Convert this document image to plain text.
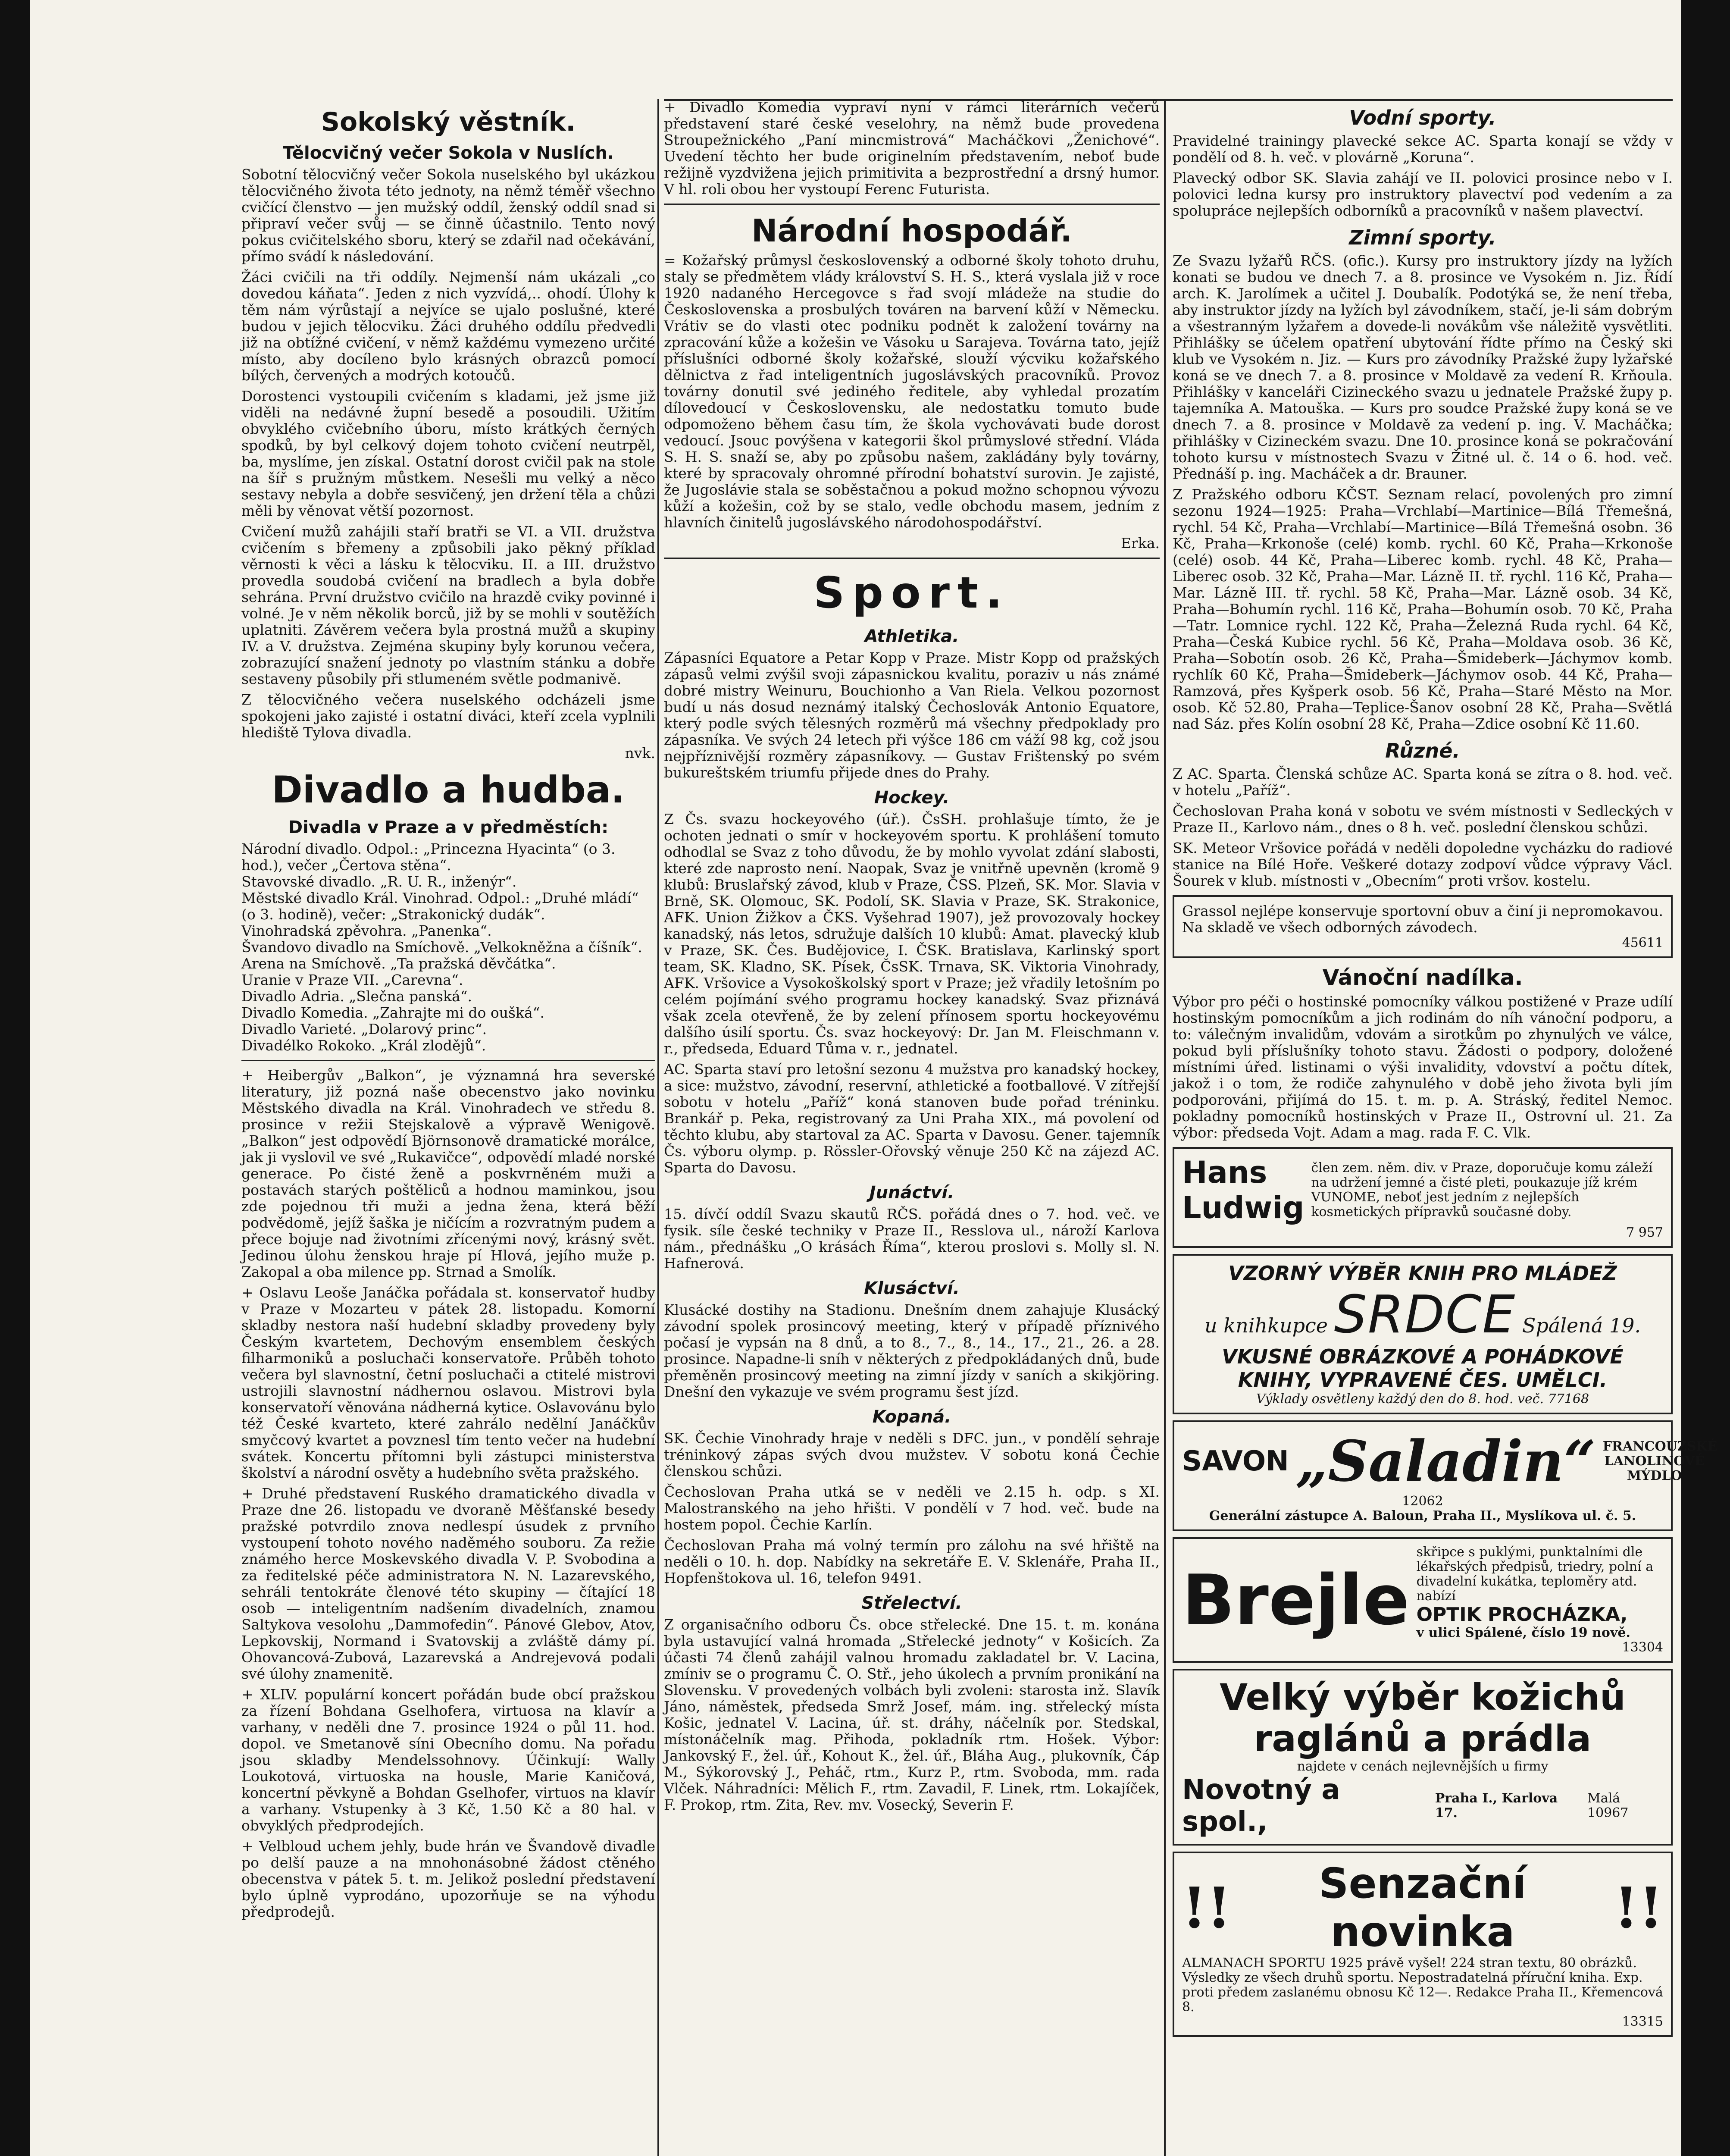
Sokolský věstník.
Tělocvičný večer Sokola v Nuslích.

Sobotní tělocvičný večer Sokola nuselského byl ukázkou tělocvičného života této jednoty, na němž téměř všechno cvičící členstvo — jen mužský oddíl, ženský oddíl snad si připraví večer svůj — se činně účastnilo. Tento nový pokus cvičitelského sboru, který se zdařil nad očekávání, přímo svádí k následování.

Žáci cvičili na tři oddíly. Nejmenší nám ukázali „co dovedou káňata“. Jeden z nich vyzvídá,.. ohodí. Úlohy k těm nám výrůstají a nejvíce se ujalo poslušné, které budou v jejich tělocviku. Žáci druhého oddílu předvedli již na obtížné cvičení, v němž každému vymezeno určité místo, aby docíleno bylo krásných obrazců pomocí bílých, červených a modrých kotoučů.

Dorostenci vystoupili cvičením s kladami, jež jsme již viděli na nedávné župní besedě a posoudili. Užitím obvyklého cvičebního úboru, místo krátkých černých spodků, by byl celkový dojem tohoto cvičení neutrpěl, ba, myslíme, jen získal. Ostatní dorost cvičil pak na stole na šíř s pružným můstkem. Nesešli mu velký a něco sestavy nebyla a dobře sesvičený, jen držení těla a chůzi měli by věnovat větší pozornost.

Cvičení mužů zahájili staří bratři se VI. a VII. družstva cvičením s břemeny a způsobili jako pěkný příklad věrnosti k věci a lásku k tělocviku. II. a III. družstvo provedla soudobá cvičení na bradlech a byla dobře sehrána. První družstvo cvičilo na hrazdě cviky povinné i volné. Je v něm několik borců, již by se mohli v soutěžích uplatniti. Závěrem večera byla prostná mužů a skupiny IV. a V. družstva. Zejména skupiny byly korunou večera, zobrazující snažení jednoty po vlastním stánku a dobře sestaveny působily při stlumeném světle podmanivě.

Z tělocvičného večera nuselského odcházeli jsme spokojeni jako zajisté i ostatní diváci, kteří zcela vyplnili hlediště Tylova divadla.

nvk.

Divadlo a hudba.
Divadla v Praze a v předměstích:
Národní divadlo. Odpol.: „Princezna Hyacinta“ (o 3. hod.), večer „Čertova stěna“.
Stavovské divadlo. „R. U. R., inženýr“.
Městské divadlo Král. Vinohrad. Odpol.: „Druhé mládí“ (o 3. hodině), večer: „Strakonický dudák“.
Vinohradská zpěvohra. „Panenka“.
Švandovo divadlo na Smíchově. „Velkokněžna a číšník“.
Arena na Smíchově. „Ta pražská děvčátka“.
Uranie v Praze VII. „Carevna“.
Divadlo Adria. „Slečna panská“.
Divadlo Komedia. „Zahrajte mi do oušká“.
Divadlo Varieté. „Dolarový princ“.
Divadélko Rokoko. „Král zlodějů“.

+ Heibergův „Balkon“, je významná hra severské literatury, již pozná naše obecenstvo jako novinku Městského divadla na Král. Vinohradech ve středu 8. prosince v režii Stejskalově a výpravě Wenigově. „Balkon“ jest odpovědí Björnsonově dramatické morálce, jak ji vyslovil ve své „Rukavičce“, odpovědí mladé norské generace. Po čisté ženě a poskvrněném muži a postavách starých poštěliců a hodnou maminkou, jsou zde pojednou tři muži a jedna žena, která běží podvědomě, jejíž šaška je ničícím a rozvratným pudem a přece bojuje nad životními zřícenými nový, krásný svět. Jedinou úlohu ženskou hraje pí Hlová, jejího muže p. Zakopal a oba milence pp. Strnad a Smolík.

+ Oslavu Leoše Janáčka pořádala st. konservatoř hudby v Praze v Mozarteu v pátek 28. listopadu. Komorní skladby nestora naší hudební skladby provedeny byly Českým kvartetem, Dechovým ensemblem českých filharmoniků a posluchači konservatoře. Průběh tohoto večera byl slavnostní, četní posluchači a ctitelé mistrovi ustrojili slavnostní nádhernou oslavou. Mistrovi byla konservatoří věnována nádherná kytice. Oslavovánu bylo též České kvarteto, které zahrálo nedělní Janáčkův smyčcový kvartet a povznesl tím tento večer na hudební svátek. Koncertu přítomni byli zástupci ministerstva školství a národní osvěty a hudebního světa pražského.

+ Druhé představení Ruského dramatického divadla v Praze dne 26. listopadu ve dvoraně Měšťanské besedy pražské potvrdilo znova nedlespí úsudek z prvního vystoupení tohoto nového naděmého souboru. Za režie známého herce Moskevského divadla V. P. Svobodina a za ředitelské péče administratora N. N. Lazarevského, sehráli tentokráte členové této skupiny — čítající 18 osob — inteligentním nadšením divadelních, znamou Saltykova vesolohu „Dammofedin“. Pánové Glebov, Atov, Lepkovskij, Normand i Svatovskij a zvláště dámy pí. Ohovancová-Zubová, Lazarevská a Andrejevová podali své úlohy znamenitě.

+ XLIV. populární koncert pořádán bude obcí pražskou za řízení Bohdana Gselhofera, virtuosa na klavír a varhany, v neděli dne 7. prosince 1924 o půl 11. hod. dopol. ve Smetanově síni Obecního domu. Na pořadu jsou skladby Mendelssohnovy. Účinkují: Wally Loukotová, virtuoska na housle, Marie Kaničová, koncertní pěvkyně a Bohdan Gselhofer, virtuos na klavír a varhany. Vstupenky à 3 Kč, 1.50 Kč a 80 hal. v obvyklých předprodejích.

+ Velbloud uchem jehly, bude hrán ve Švandově divadle po delší pauze a na mnohonásobné žádost ctěného obecenstva v pátek 5. t. m. Jelikož poslední představení bylo úplně vyprodáno, upozorňuje se na výhodu předprodejů.

+ Divadlo Komedia vypraví nyní v rámci literárních večerů představení staré české veselohry, na němž bude provedena Stroupežnického „Paní mincmistrová“ Macháčkovi „Ženichové“. Uvedení těchto her bude originelním představením, neboť bude režijně vyzdvižena jejich primitivita a bezprostřední a drsný humor. V hl. roli obou her vystoupí Ferenc Futurista.

Národní hospodář.

= Kožařský průmysl československý a odborné školy tohoto druhu, staly se předmětem vlády království S. H. S., která vyslala již v roce 1920 nadaného Hercegovce s řad svojí mládeže na studie do Československa a prosbulých továren na barvení kůží v Německu. Vrátiv se do vlasti otec podniku podnět k založení továrny na zpracování kůže a kožešin ve Vásoku u Sarajeva. Továrna tato, jejíž příslušníci odborné školy kožařské, slouží výcviku kožařského dělnictva z řad inteligentních jugoslávských pracovníků. Provoz továrny donutil své jediného ředitele, aby vyhledal prozatím dílovedoucí v Československu, ale nedostatku tomuto bude odpomoženo během času tím, že škola vychovávati bude dorost vedoucí. Jsouc povýšena v kategorii škol průmyslové střední. Vláda S. H. S. snaží se, aby po způsobu našem, zakládány byly továrny, které by spracovaly ohromné přírodní bohatství surovin. Je zajisté, že Jugoslávie stala se soběstačnou a pokud možno schopnou vývozu kůží a kožešin, což by se stalo, vedle obchodu masem, jedním z hlavních činitelů jugoslávského národohospodářství.

Erka.

Sport.
Athletika.

Zápasníci Equatore a Petar Kopp v Praze. Mistr Kopp od pražských zápasů velmi zvýšil svoji zápasnickou kvalitu, poraziv u nás známé dobré mistry Weinuru, Bouchionho a Van Riela. Velkou pozornost budí u nás dosud neznámý italský Čechoslovák Antonio Equatore, který podle svých tělesných rozměrů má všechny předpoklady pro zápasníka. Ve svých 24 letech při výšce 186 cm váží 98 kg, což jsou nejpříznivější rozměry zápasníkovy. — Gustav Frištenský po svém bukureštském triumfu přijede dnes do Prahy.

Hockey.

Z Čs. svazu hockeyového (úř.). ČsSH. prohlašuje tímto, že je ochoten jednati o smír v hockeyovém sportu. K prohlášení tomuto odhodlal se Svaz z toho důvodu, že by mohlo vyvolat zdání slabosti, které zde naprosto není. Naopak, Svaz je vnitřně upevněn (kromě 9 klubů: Bruslařský závod, klub v Praze, ČSS. Plzeň, SK. Mor. Slavia v Brně, SK. Olomouc, SK. Podolí, SK. Slavia v Praze, SK. Strakonice, AFK. Union Žižkov a ČKS. Vyšehrad 1907), jež provozovaly hockey kanadský, nás letos, sdružuje dalších 10 klubů: Amat. plavecký klub v Praze, SK. Čes. Budějovice, I. ČSK. Bratislava, Karlinský sport team, SK. Kladno, SK. Písek, ČsSK. Trnava, SK. Viktoria Vinohrady, AFK. Vršovice a Vysokoškolský sport v Praze; jež vřadily letošním po celém pojímání svého programu hockey kanadský. Svaz přiznává však zcela otevřeně, že by zelení přínosem sportu hockeyovému dalšího úsilí sportu. Čs. svaz hockeyový: Dr. Jan M. Fleischmann v. r., předseda, Eduard Tůma v. r., jednatel.

AC. Sparta staví pro letošní sezonu 4 mužstva pro kanadský hockey, a sice: mužstvo, závodní, reservní, athletické a footballové. V zítřejší sobotu v hotelu „Paříž“ koná stanoven bude pořad tréninku. Brankář p. Peka, registrovaný za Uni Praha XIX., má povolení od těchto klubu, aby startoval za AC. Sparta v Davosu. Gener. tajemník Čs. výboru olymp. p. Rössler-Ořovský věnuje 250 Kč na zájezd AC. Sparta do Davosu.

Junáctví.

15. dívčí oddíl Svazu skautů RČS. pořádá dnes o 7. hod. več. ve fysik. síle české techniky v Praze II., Resslova ul., nároží Karlova nám., přednášku „O krásách Říma“, kterou proslovi s. Molly sl. N. Hafnerová.

Klusáctví.

Klusácké dostihy na Stadionu. Dnešním dnem zahajuje Klusácký závodní spolek prosincový meeting, který v případě příznivého počasí je vypsán na 8 dnů, a to 8., 7., 8., 14., 17., 21., 26. a 28. prosince. Napadne-li sníh v některých z předpokládaných dnů, bude přeměněn prosincový meeting na zimní jízdy v saních a skikjöring. Dnešní den vykazuje ve svém programu šest jízd.

Kopaná.

SK. Čechie Vinohrady hraje v neděli s DFC. jun., v pondělí sehraje tréninkový zápas svých dvou mužstev. V sobotu koná Čechie členskou schůzi.

Čechoslovan Praha utká se v neděli ve 2.15 h. odp. s XI. Malostranského na jeho hřišti. V pondělí v 7 hod. več. bude na hostem popol. Čechie Karlín.

Čechoslovan Praha má volný termín pro zálohu na své hřiště na neděli o 10. h. dop. Nabídky na sekretáře E. V. Sklenáře, Praha II., Hopfenštokova ul. 16, telefon 9491.

Střelectví.

Z organisačního odboru Čs. obce střelecké. Dne 15. t. m. konána byla ustavující valná hromada „Střelecké jednoty“ v Košicích. Za účasti 74 členů zahájil valnou hromadu zakladatel br. V. Lacina, zmíniv se o programu Č. O. Stř., jeho úkolech a prvním pronikání na Slovensku. V provedených volbách byli zvoleni: starosta inž. Slavík Jáno, náměstek, předseda Smrž Josef, mám. ing. střelecký místa Košic, jednatel V. Lacina, úř. st. dráhy, náčelník por. Stedskal, místonáčelník mag. Přihoda, pokladník rtm. Hošek. Výbor: Jankovský F., žel. úř., Kohout K., žel. úř., Bláha Aug., plukovník, Čáp M., Sýkorovský J., Peháč, rtm., Kurz P., rtm. Svoboda, mm. rada Vlček. Náhradníci: Mělich F., rtm. Zavadil, F. Linek, rtm. Lokajíček, F. Prokop, rtm. Zita, Rev. mv. Vosecký, Severin F.

Vodní sporty.

Pravidelné trainingy plavecké sekce AC. Sparta konají se vždy v pondělí od 8. h. več. v plovárně „Koruna“.

Plavecký odbor SK. Slavia zahájí ve II. polovici prosince nebo v I. polovici ledna kursy pro instruktory plavectví pod vedením a za spolupráce nejlepších odborníků a pracovníků v našem plavectví.

Zimní sporty.

Ze Svazu lyžařů RČS. (ofic.). Kursy pro instruktory jízdy na lyžích konati se budou ve dnech 7. a 8. prosince ve Vysokém n. Jiz. Řídí arch. K. Jarolímek a učitel J. Doubalík. Podotýká se, že není třeba, aby instruktor jízdy na lyžích byl závodníkem, stačí, je-li sám dobrým a všestranným lyžařem a dovede-li novákům vše náležitě vysvětliti. Přihlášky se účelem opatření ubytování řídte přímo na Český ski klub ve Vysokém n. Jiz. — Kurs pro závodníky Pražské župy lyžařské koná se ve dnech 7. a 8. prosince v Moldavě za vedení R. Krňoula. Přihlášky v kanceláři Cizineckého svazu u jednatele Pražské župy p. tajemníka A. Matouška. — Kurs pro soudce Pražské župy koná se ve dnech 7. a 8. prosince v Moldavě za vedení p. ing. V. Macháčka; přihlášky v Cizineckém svazu. Dne 10. prosince koná se pokračování tohoto kursu v místnostech Svazu v Žitné ul. č. 14 o 6. hod. več. Přednáší p. ing. Macháček a dr. Brauner.

Z Pražského odboru KČST. Seznam relací, povolených pro zimní sezonu 1924—1925: Praha—Vrchlabí—Martinice—Bílá Třemešná, rychl. 54 Kč, Praha—Vrchlabí—Martinice—Bílá Třemešná osobn. 36 Kč, Praha—Krkonoše (celé) komb. rychl. 60 Kč, Praha—Krkonoše (celé) osob. 44 Kč, Praha—Liberec komb. rychl. 48 Kč, Praha—Liberec osob. 32 Kč, Praha—Mar. Lázně II. tř. rychl. 116 Kč, Praha—Mar. Lázně III. tř. rychl. 58 Kč, Praha—Mar. Lázně osob. 34 Kč, Praha—Bohumín rychl. 116 Kč, Praha—Bohumín osob. 70 Kč, Praha—Tatr. Lomnice rychl. 122 Kč, Praha—Železná Ruda rychl. 64 Kč, Praha—Česká Kubice rychl. 56 Kč, Praha—Moldava osob. 36 Kč, Praha—Sobotín osob. 26 Kč, Praha—Šmideberk—Jáchymov komb. rychlík 60 Kč, Praha—Šmideberk—Jáchymov osob. 44 Kč, Praha—Ramzová, přes Kyšperk osob. 56 Kč, Praha—Staré Město na Mor. osob. Kč 52.80, Praha—Teplice-Šanov osobní 28 Kč, Praha—Světlá nad Sáz. přes Kolín osobní 28 Kč, Praha—Zdice osobní Kč 11.60.

Různé.

Z AC. Sparta. Členská schůze AC. Sparta koná se zítra o 8. hod. več. v hotelu „Paříž“.

Čechoslovan Praha koná v sobotu ve svém místnosti v Sedleckých v Praze II., Karlovo nám., dnes o 8 h. več. poslední členskou schůzi.

SK. Meteor Vršovice pořádá v neděli dopoledne vycházku do radiové stanice na Bílé Hoře. Veškeré dotazy zodpoví vůdce výpravy Václ. Šourek v klub. místnosti v „Obecním“ proti vršov. kostelu.

Grassol nejlépe konservuje sportovní obuv a činí ji nepromokavou. Na skladě ve všech odborných závodech.

45611
Vánoční nadílka.

Výbor pro péči o hostinské pomocníky válkou postižené v Praze udílí hostinským pomocníkům a jich rodinám do níh vánoční podporu, a to: válečným invalidům, vdovám a sirotkům po zhynulých ve válce, pokud byli příslušníky tohoto stavu. Žádosti o podpory, doložené místními úřed. listinami o výši invalidity, vdovství a počtu dítek, jakož i o tom, že rodiče zahynulého v době jeho života byli jím podporováni, přijímá do 15. t. m. p. A. Stráský, ředitel Nemoc. pokladny pomocníků hostinských v Praze II., Ostrovní ul. 21. Za výbor: předseda Vojt. Adam a mag. rada F. C. Vlk.

Hans Ludwig
člen zem. něm. div. v Praze, doporučuje komu záleží na udržení jemné a čisté pleti, poukazuje jíž krém VUNOME, neboť jest jedním z nejlepších kosmetických přípravků současné doby.
7 957
VZORNÝ VÝBĚR KNIH PRO MLÁDEŽ
u knihkupce SRDCE Spálená 19.
VKUSNÉ OBRÁZKOVÉ A POHÁDKOVÉ KNIHY, VYPRAVENÉ ČES. UMĚLCI.
Výklady osvětleny každý den do 8. hod. več. 77168
SAVON „Saladin“ FRANCOUZSKÉ LANOLINOVÉ MÝDLO
12062
Generální zástupce A. Baloun, Praha II., Myslíkova ul. č. 5.
Brejle
skřipce s puklými, punktalními dle lékařských předpisů, triedry, polní a divadelní kukátka, teploměry atd. nabízí
OPTIK PROCHÁZKA,
v ulici Spálené, číslo 19 nově.
13304
Velký výběr kožichů raglánů a prádla
najdete v cenách nejlevnějších u firmy
Novotný a spol.,
Praha I., Karlova 17.
Malá 10967
!!	Senzační novinka	!!
ALMANACH SPORTU 1925 právě vyšel! 224 stran textu, 80 obrázků. Výsledky ze všech druhů sportu. Nepostradatelná příruční kniha. Exp. proti předem zaslanému obnosu Kč 12—. Redakce Praha II., Křemencová 8.
13315
